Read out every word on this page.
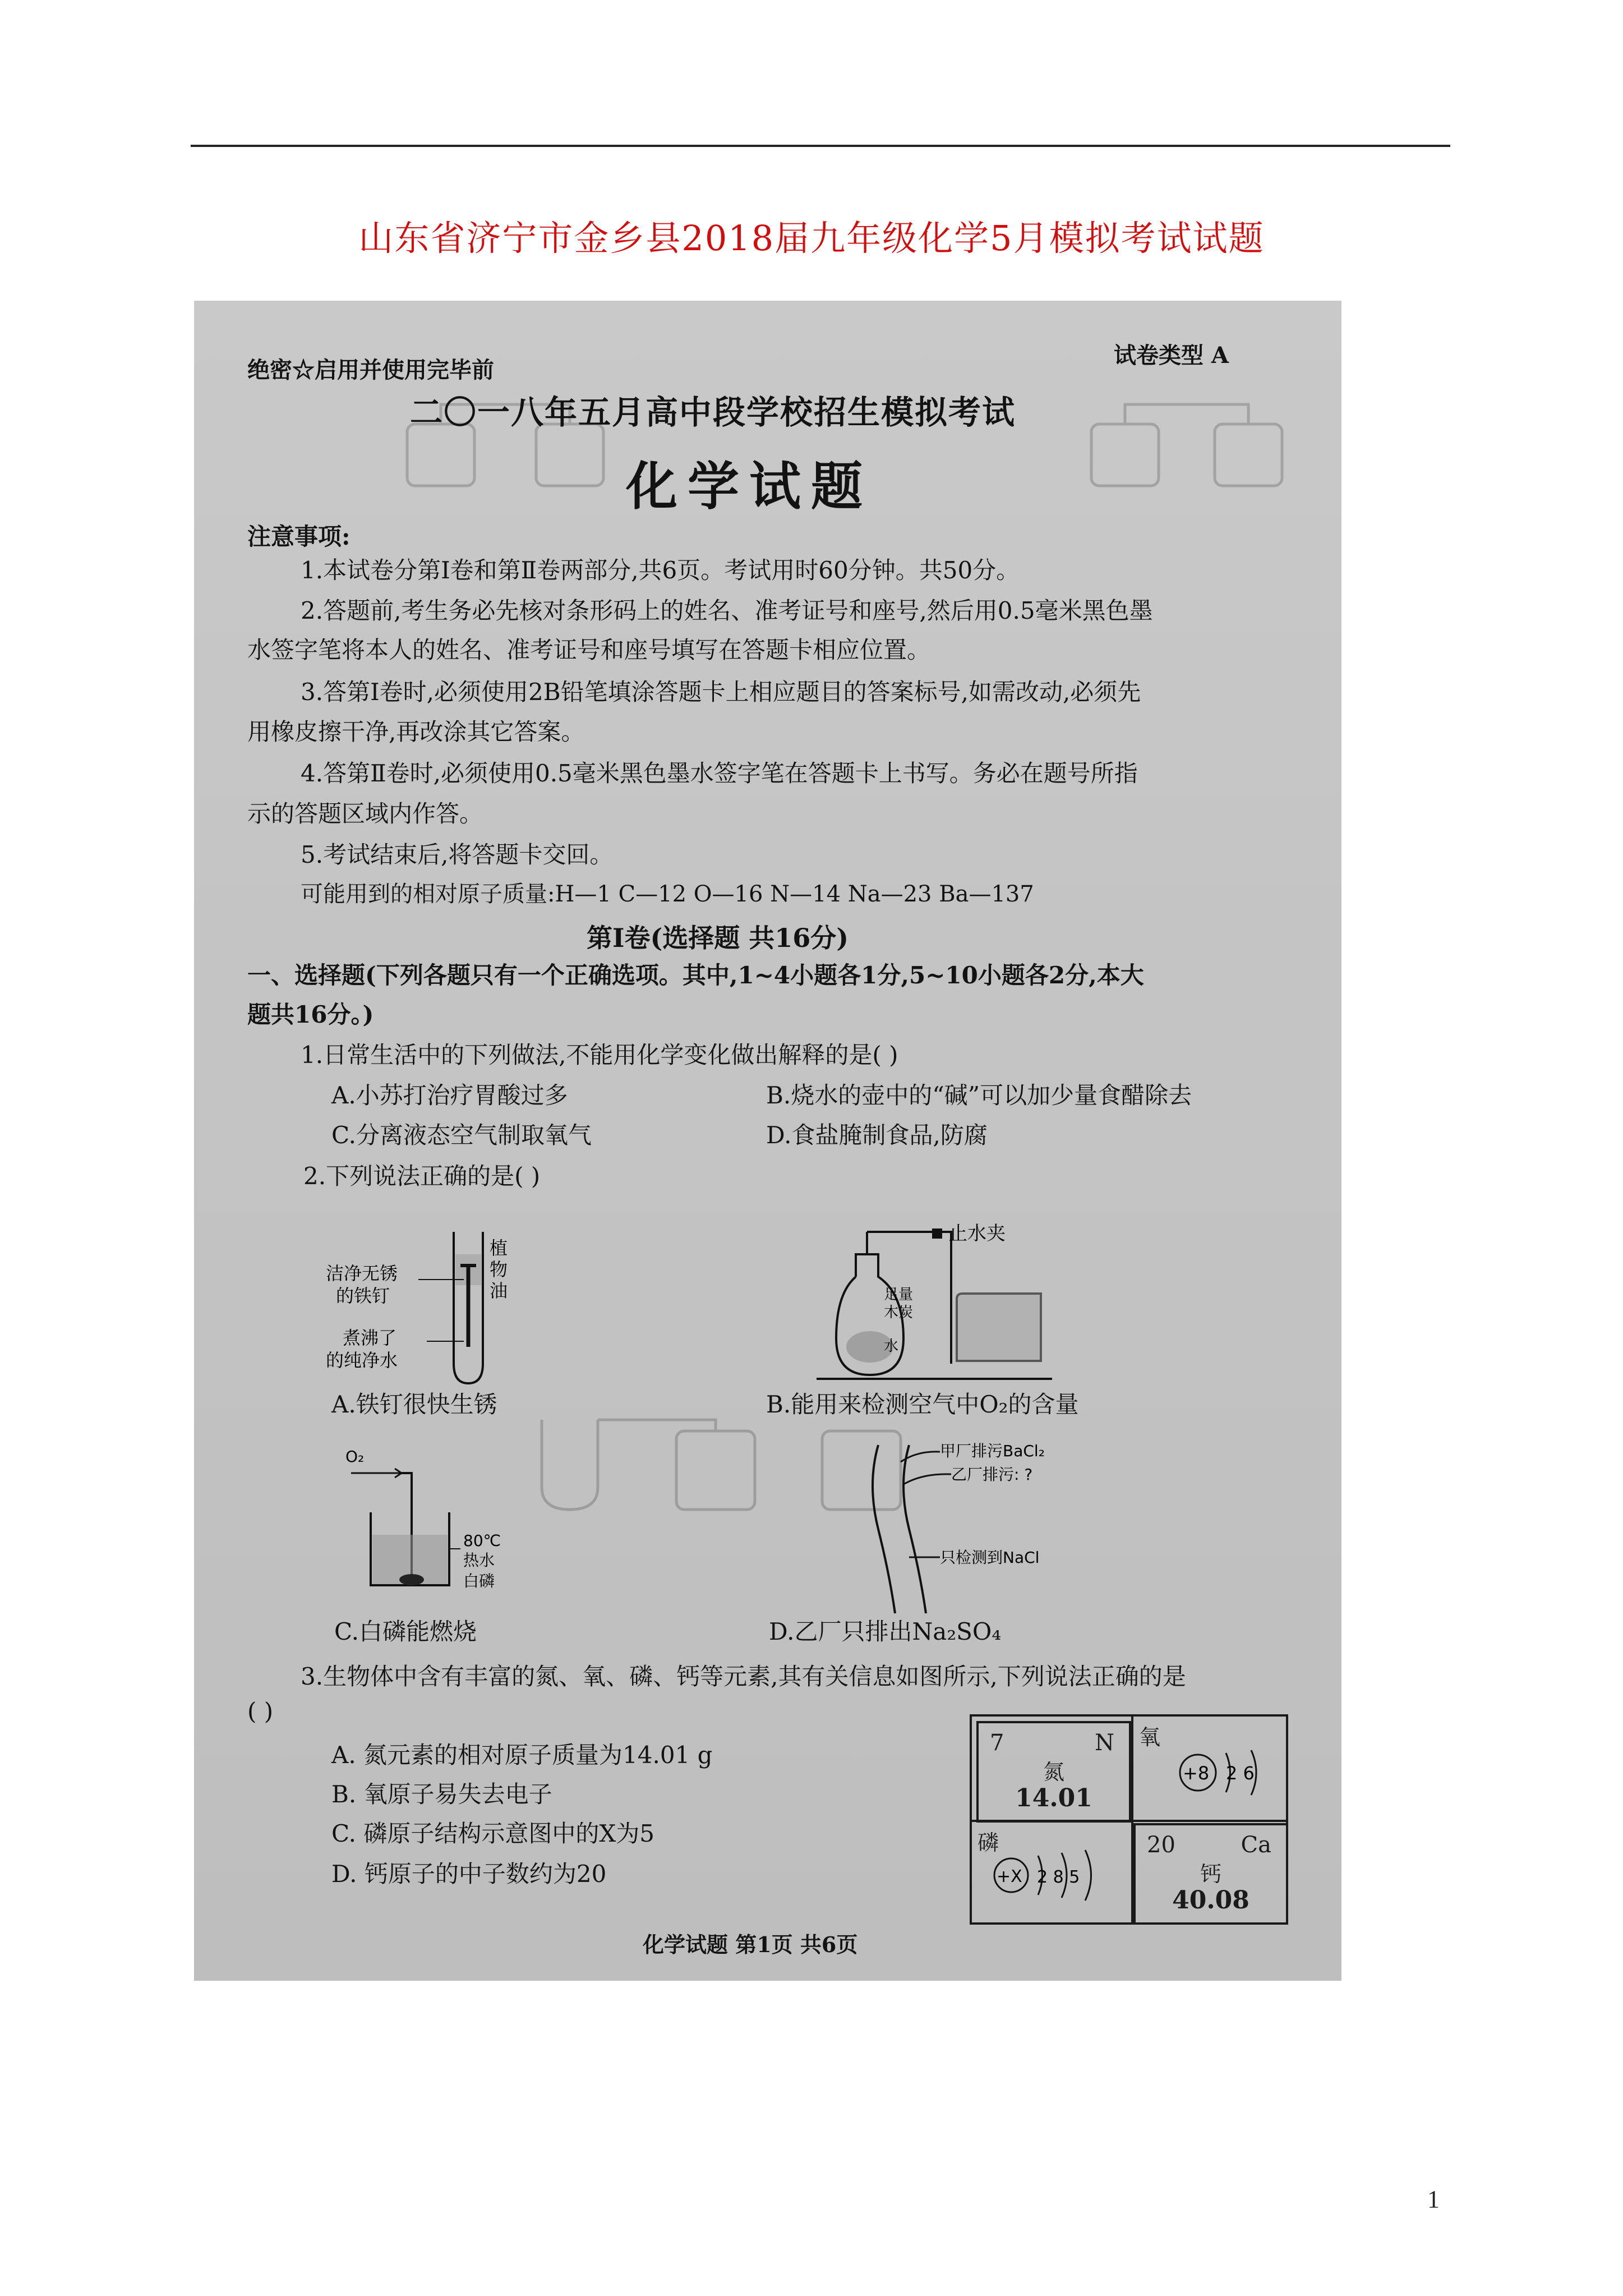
山东省济宁市金乡县2018届九年级化学5月模拟考试试题
绝密☆启用并使用完毕前
试卷类型 A
二〇一八年五月高中段学校招生模拟考试
化学试题
注意事项:
1.本试卷分第Ⅰ卷和第Ⅱ卷两部分,共6页。考试用时60分钟。共50分。
2.答题前,考生务必先核对条形码上的姓名、准考证号和座号,然后用0.5毫米黑色墨
水签字笔将本人的姓名、准考证号和座号填写在答题卡相应位置。
3.答第Ⅰ卷时,必须使用2B铅笔填涂答题卡上相应题目的答案标号,如需改动,必须先
用橡皮擦干净,再改涂其它答案。
4.答第Ⅱ卷时,必须使用0.5毫米黑色墨水签字笔在答题卡上书写。务必在题号所指
示的答题区域内作答。
5.考试结束后,将答题卡交回。
可能用到的相对原子质量:H—1 C—12 O—16 N—14 Na—23 Ba—137
第Ⅰ卷(选择题 共16分)
一、选择题(下列各题只有一个正确选项。其中,1~4小题各1分,5~10小题各2分,本大
题共16分。)
1.日常生活中的下列做法,不能用化学变化做出解释的是( )
A.小苏打治疗胃酸过多	B.烧水的壶中的“碱”可以加少量食醋除去
C.分离液态空气制取氧气	D.食盐腌制食品,防腐
2.下列说法正确的是( )
洁净无锈
的铁钉
煮沸了
的纯净水
植
物
油
A.铁钉很快生锈
止水夹
足量
木炭
水
B.能用来检测空气中O₂的含量
O₂
80℃
热水
白磷
C.白磷能燃烧
甲厂排污BaCl₂
乙厂排污: ?
只检测到NaCl
D.乙厂只排出Na₂SO₄
3.生物体中含有丰富的氮、氧、磷、钙等元素,其有关信息如图所示,下列说法正确的是
( )
A. 氮元素的相对原子质量为14.01 g
B. 氧原子易失去电子
C. 磷原子结构示意图中的X为5
D. 钙原子的中子数约为20
7	N
氮
14.01
氧
+8 2 6
磷
+X 2 8 5
20	Ca
钙
40.08
化学试题 第1页 共6页
1
